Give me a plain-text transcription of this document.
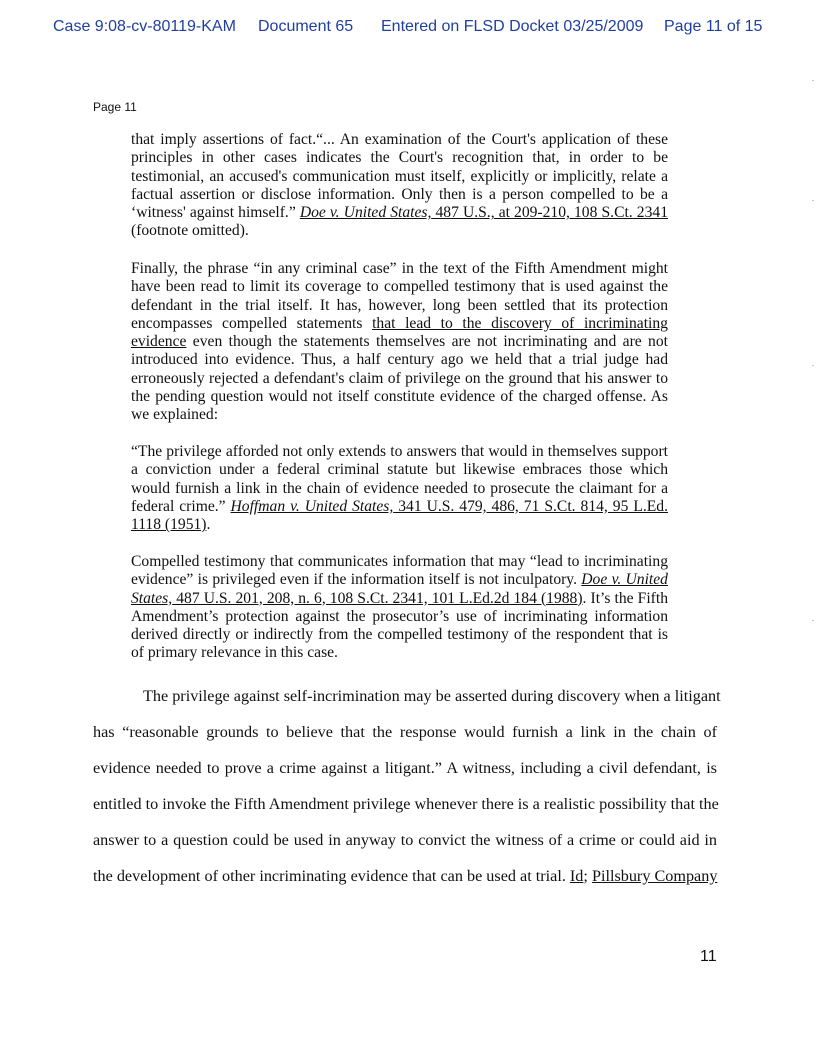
Case 9:08-cv-80119-KAM Document 65 Entered on FLSD Docket 03/25/2009 Page 11 of 15
Page 11
that imply assertions of fact.“... An examination of the Court's application of these principles in other cases indicates the Court's recognition that, in order to be testimonial, an accused's communication must itself, explicitly or implicitly, relate a factual assertion or disclose information. Only then is a person compelled to be a ‘witness' against himself.” Doe v. United States, 487 U.S., at 209-210, 108 S.Ct. 2341 (footnote omitted).
Finally, the phrase “in any criminal case” in the text of the Fifth Amendment might have been read to limit its coverage to compelled testimony that is used against the defendant in the trial itself. It has, however, long been settled that its protection encompasses compelled statements that lead to the discovery of incriminating evidence even though the statements themselves are not incriminating and are not introduced into evidence. Thus, a half century ago we held that a trial judge had erroneously rejected a defendant's claim of privilege on the ground that his answer to the pending question would not itself constitute evidence of the charged offense. As we explained:
“The privilege afforded not only extends to answers that would in themselves support a conviction under a federal criminal statute but likewise embraces those which would furnish a link in the chain of evidence needed to prosecute the claimant for a federal crime.” Hoffman v. United States, 341 U.S. 479, 486, 71 S.Ct. 814, 95 L.Ed. 1118 (1951).
Compelled testimony that communicates information that may “lead to incriminating evidence” is privileged even if the information itself is not inculpatory. Doe v. United States, 487 U.S. 201, 208, n. 6, 108 S.Ct. 2341, 101 L.Ed.2d 184 (1988). It’s the Fifth Amendment’s protection against the prosecutor’s use of incriminating information derived directly or indirectly from the compelled testimony of the respondent that is of primary relevance in this case.
The privilege against self-incrimination may be asserted during discovery when a litigant
has “reasonable grounds to believe that the response would furnish a link in the chain of
evidence needed to prove a crime against a litigant.” A witness, including a civil defendant, is
entitled to invoke the Fifth Amendment privilege whenever there is a realistic possibility that the
answer to a question could be used in anyway to convict the witness of a crime or could aid in
the development of other incriminating evidence that can be used at trial. Id; Pillsbury Company
11
